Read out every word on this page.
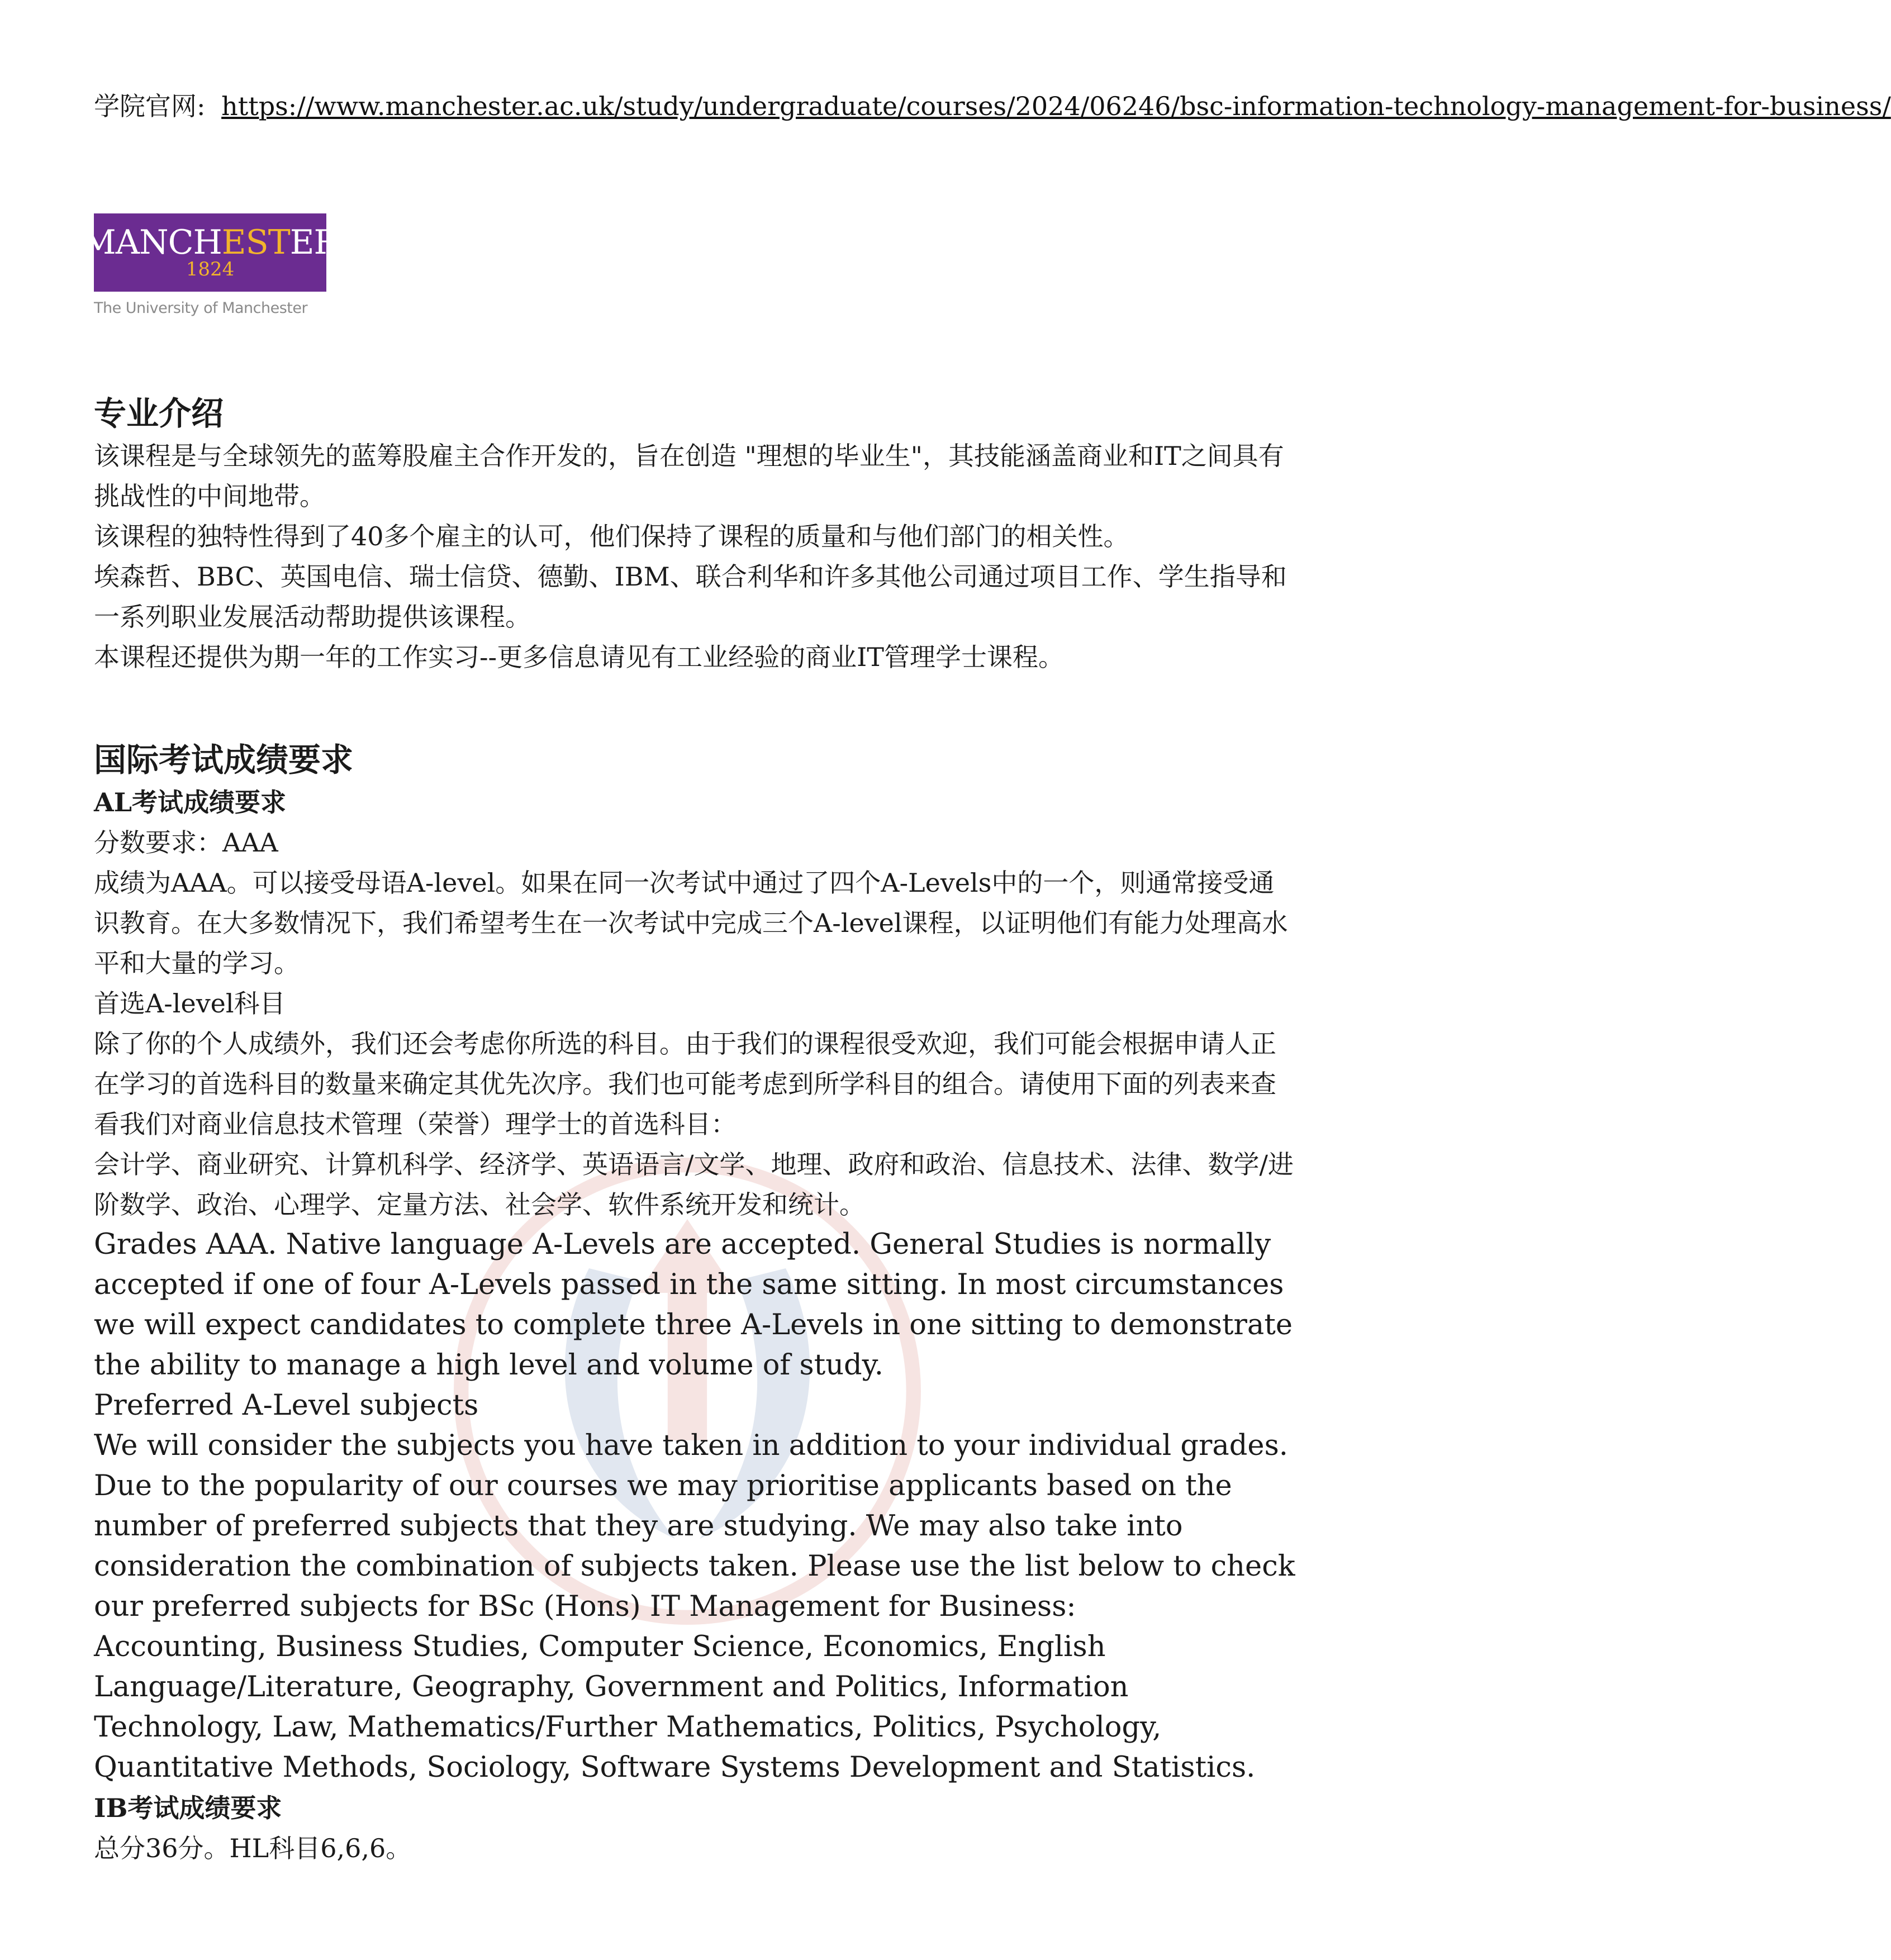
学院官网: https://www.manchester.ac.uk/study/undergraduate/courses/2024/06246/bsc-information-technology-management-for-business/
MANCHESTER
1824
The University of Manchester
专业介绍

该课程是与全球领先的蓝筹股雇主合作开发的，旨在创造 "理想的毕业生"，其技能涵盖商业和IT之间具有挑战性的中间地带。

该课程的独特性得到了40多个雇主的认可，他们保持了课程的质量和与他们部门的相关性。

埃森哲、BBC、英国电信、瑞士信贷、德勤、IBM、联合利华和许多其他公司通过项目工作、学生指导和一系列职业发展活动帮助提供该课程。

本课程还提供为期一年的工作实习--更多信息请见有工业经验的商业IT管理学士课程。

国际考试成绩要求
AL考试成绩要求

分数要求：AAA

成绩为AAA。可以接受母语A-level。如果在同一次考试中通过了四个A-Levels中的一个，则通常接受通识教育。在大多数情况下，我们希望考生在一次考试中完成三个A-level课程，以证明他们有能力处理高水平和大量的学习。

首选A-level科目

除了你的个人成绩外，我们还会考虑你所选的科目。由于我们的课程很受欢迎，我们可能会根据申请人正在学习的首选科目的数量来确定其优先次序。我们也可能考虑到所学科目的组合。请使用下面的列表来查看我们对商业信息技术管理（荣誉）理学士的首选科目：

会计学、商业研究、计算机科学、经济学、英语语言/文学、地理、政府和政治、信息技术、法律、数学/进阶数学、政治、心理学、定量方法、社会学、软件系统开发和统计。

Grades AAA. Native language A-Levels are accepted. General Studies is normally accepted if one of four A-Levels passed in the same sitting. In most circumstances we will expect candidates to complete three A-Levels in one sitting to demonstrate the ability to manage a high level and volume of study.

Preferred A-Level subjects

We will consider the subjects you have taken in addition to your individual grades. Due to the popularity of our courses we may prioritise applicants based on the number of preferred subjects that they are studying. We may also take into consideration the combination of subjects taken. Please use the list below to check our preferred subjects for BSc (Hons) IT Management for Business:

Accounting, Business Studies, Computer Science, Economics, English Language/Literature, Geography, Government and Politics, Information Technology, Law, Mathematics/Further Mathematics, Politics, Psychology, Quantitative Methods, Sociology, Software Systems Development and Statistics.

IB考试成绩要求

总分36分。HL科目6,6,6。
